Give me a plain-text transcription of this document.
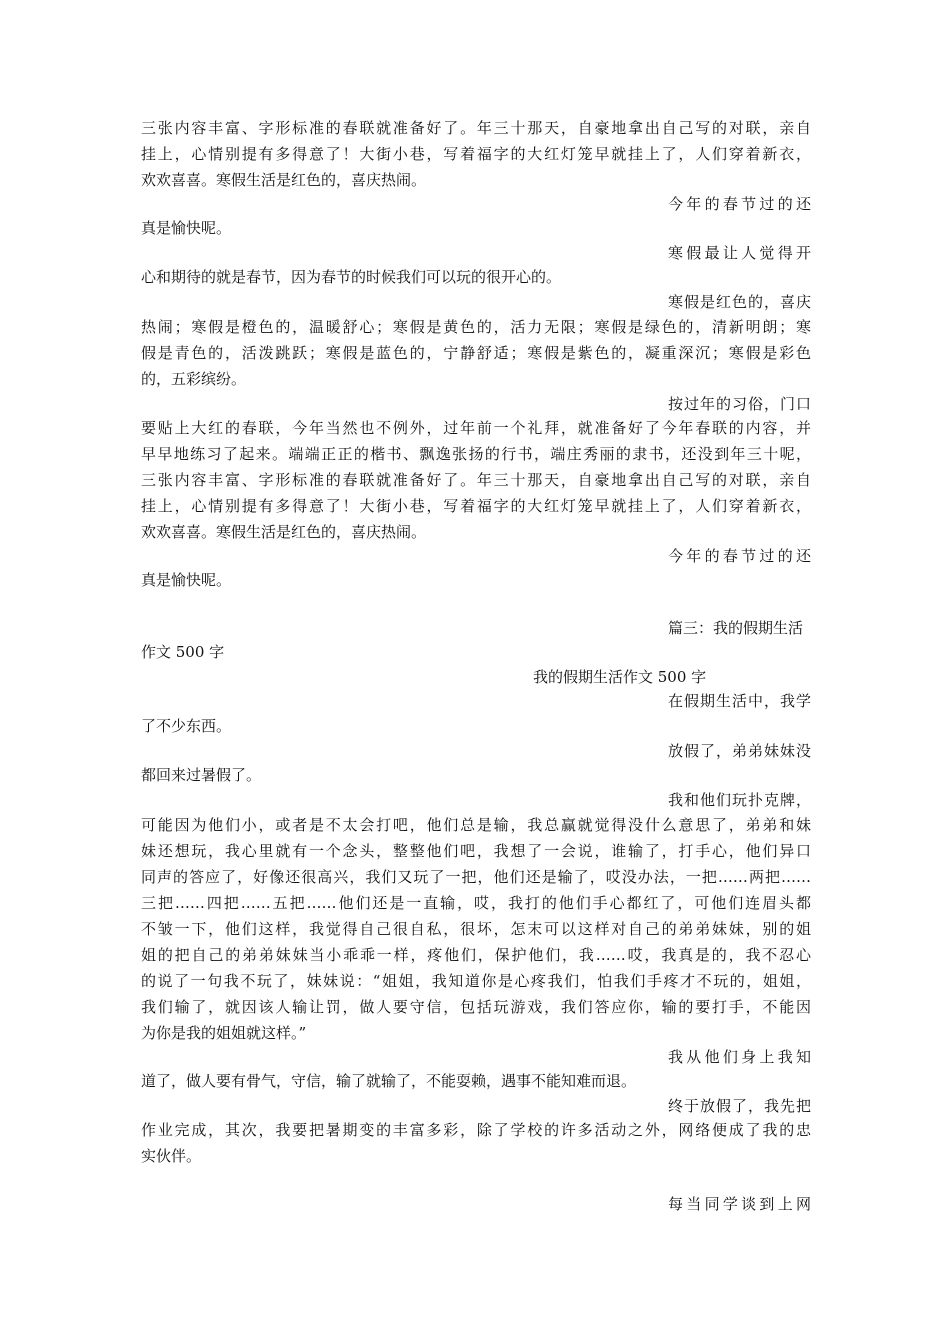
三张内容丰富、字形标准的春联就准备好了。年三十那天，自豪地拿出自己写的对联，亲自
挂上，心情别提有多得意了！大街小巷，写着福字的大红灯笼早就挂上了，人们穿着新衣，
欢欢喜喜。寒假生活是红色的，喜庆热闹。
今年的春节过的还
真是愉快呢。
寒假最让人觉得开
心和期待的就是春节，因为春节的时候我们可以玩的很开心的。
寒假是红色的，喜庆
热闹；寒假是橙色的，温暖舒心；寒假是黄色的，活力无限；寒假是绿色的，清新明朗；寒
假是青色的，活泼跳跃；寒假是蓝色的，宁静舒适；寒假是紫色的，凝重深沉；寒假是彩色
的，五彩缤纷。
按过年的习俗，门口
要贴上大红的春联，今年当然也不例外，过年前一个礼拜，就准备好了今年春联的内容，并
早早地练习了起来。端端正正的楷书、飘逸张扬的行书，端庄秀丽的隶书，还没到年三十呢，
三张内容丰富、字形标准的春联就准备好了。年三十那天，自豪地拿出自己写的对联，亲自
挂上，心情别提有多得意了！大街小巷，写着福字的大红灯笼早就挂上了，人们穿着新衣，
欢欢喜喜。寒假生活是红色的，喜庆热闹。
今年的春节过的还
真是愉快呢。
篇三：我的假期生活
作文 500 字
我的假期生活作文 500 字
在假期生活中，我学
了不少东西。
放假了，弟弟妹妹没
都回来过暑假了。
我和他们玩扑克牌，
可能因为他们小，或者是不太会打吧，他们总是输，我总赢就觉得没什么意思了，弟弟和妹
妹还想玩，我心里就有一个念头，整整他们吧，我想了一会说，谁输了，打手心，他们异口
同声的答应了，好像还很高兴，我们又玩了一把，他们还是输了，哎没办法，一把……两把……
三把……四把……五把……他们还是一直输，哎，我打的他们手心都红了，可他们连眉头都
不皱一下，他们这样，我觉得自己很自私，很坏，怎末可以这样对自己的弟弟妹妹，别的姐
姐的把自己的弟弟妹妹当小乖乖一样，疼他们，保护他们，我……哎，我真是的，我不忍心
的说了一句我不玩了，妹妹说：“姐姐，我知道你是心疼我们，怕我们手疼才不玩的，姐姐，
我们输了，就因该人输让罚，做人要守信，包括玩游戏，我们答应你，输的要打手，不能因
为你是我的姐姐就这样。”
我从他们身上我知
道了，做人要有骨气，守信，输了就输了，不能耍赖，遇事不能知难而退。
终于放假了，我先把
作业完成，其次，我要把暑期变的丰富多彩，除了学校的许多活动之外，网络便成了我的忠
实伙伴。
每当同学谈到上网
